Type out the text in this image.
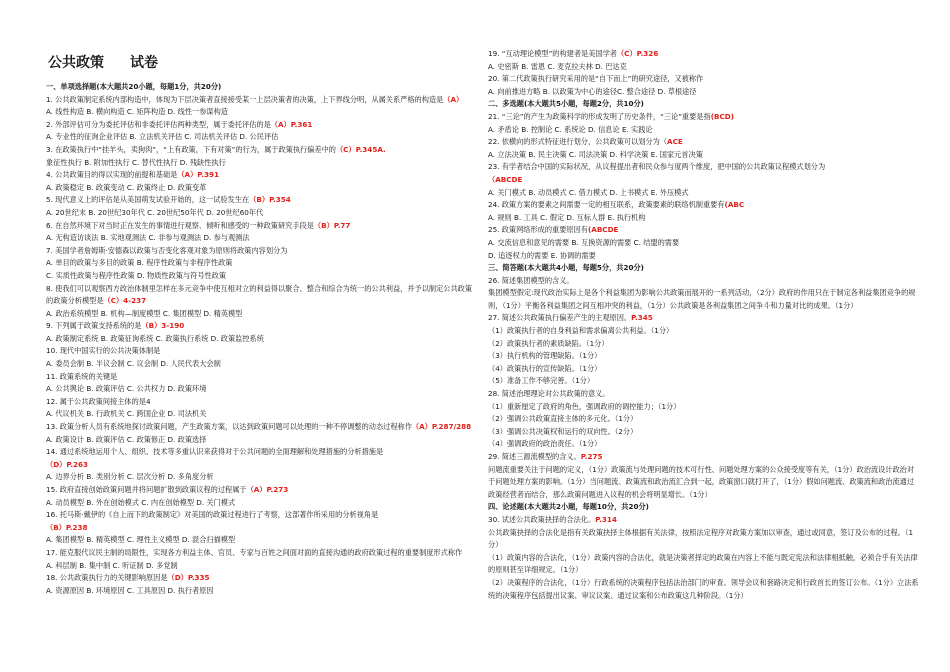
公共政策 试卷
一、单项选择题(本大题共20小题，每题1分，共20分)
1. 公共政策制定系统内部构造中，体现为下层决策者直接接受某一上层决策者的决策，上下界线分明，从属关系严格的构造是（A）
A. 线性构造 B. 横向构造 C. 矩阵构造 D. 线性一参谋构造
2. 外部评估可分为委托评估和非委托评估两种类型，属于委托评估的是（A）P.361
A. 专业性的征询企业评估 B. 立法机关评估 C. 司法机关评估 D. 公民评估
3. 在政策执行中“挂羊头，卖狗肉”，“上有政策，下有对策”的行为，属于政策执行偏差中的（C）P.345A.
象征性执行 B. 附加性执行 C. 替代性执行 D. 残缺性执行
4. 公共政策目的得以实现的前提和基础是（A）P.391
A. 政策稳定 B. 政策变动 C. 政策终止 D. 政策变革
5. 现代意义上的评估是从美国萌发试验开始的，这一试验发生在（B）P.354
A. 20世纪末 B. 20世纪30年代 C. 20世纪50年代 D. 20世纪60年代
6. 在自然环境下对当时正在发生的事情进行观察、倾听和感受的一种政策研究手段是（B）P.77
A. 无构造访谈法 B. 实地观测法 C. 非参与观测法 D. 参与观测法
7. 美国学者詹姆斯·安德森以政策与否变化客观对象为原则将政策内容划分为
A. 单目的政策与多目的政策 B. 程序性政策与非程序性政策
C. 实质性政策与程序性政策 D. 物质性政策与符号性政策
8. 使我们可以观察西方政治体制里怎样在多元竞争中使互相对立的利益得以聚合、整合和综合为统一的公共利益，并予以制定公共政策的政策分析模型是（C）4-237
A. 政治系统模型 B. 机构—制度模型 C. 集团模型 D. 精英模型
9. 下列属于政策支持系统的是（B）3-190
A. 政策制定系统 B. 政策征询系统 C. 政策执行系统 D. 政策监控系统
10. 现代中国实行的公共决策体制是
A. 委员会制 B. 半议会制 C. 议会制 D. 人民代表大会制
11. 政策系统的关键是
A. 公共舆论 B. 政策评估 C. 公共权力 D. 政策环境
12. 属于公共政策间接主体的是4
A. 代议机关 B. 行政机关 C. 跨国企业 D. 司法机关
13. 政策分析人员有系统地探讨政策问题，产生政策方案，以达到政策问题可以处理的一种不停调整的动态过程称作（A）P.287/288
A. 政策设计 B. 政策评估 C. 政策修正 D. 政策选择
14. 通过系统地运用个人、组织、技术等多重认识来获得对于公共问题的全面理解和处理措施的分析措施是
（D）P.263
A. 边界分析 B. 类别分析 C. 层次分析 D. 多角度分析
15. 政府直接创始政策问题并将问题扩散到政策议程的过程属于（A）P.273
A. 动员模型 B. 外在创始模式 C. 内在创始模型 D. 关门模式
16. 托马斯·戴伊的《自上而下的政策制定》对美国的政策过程进行了考察，这部著作所采用的分析视角是
（B）P.238
A. 集团模型 B. 精英模型 C. 理性主义模型 D. 混合扫描模型
17. 能克服代议民主制的局限性，实现各方利益主体、官员、专家与百姓之间面对面的直接沟通的政府政策过程的重要制度形式称作
A. 科层制 B. 集中制 C. 听证制 D. 多党制
18. 公共政策执行力的关键影响原因是（D）P.335
A. 资源原因 B. 环境原因 C. 工具原因 D. 执行者原因
19. “互动理论模型”的构建者是美国学者（C）P.326
A. 史密斯 B. 雷恩 C. 麦克拉夫林 D. 巴达克
20. 第二代政策执行研究采用的是“自下而上”的研究途径，又被称作
A. 向前推进方略 B. 以政策为中心的途径C. 整合途径 D. 草根途径
二、多选题(本大题共5小题，每题2分，共10分)
21. “三论”的产生为政策科学的形成发明了历史条件，“三论”重要是指(BCD)
A. 矛盾论 B. 控制论 C. 系统论 D. 信息论 E. 实践论
22. 依横向的形式特征进行划分，公共政策可以划分为（ACE
A. 立法决策 B. 民主决策 C. 司法决策 D. 科学决策 E. 国家元首决策
23. 有学者结合中国的实际状况，从议程提出者和民众参与度两个维度，把中国的公共政策议程模式划分为
（ABCDE
A. 关门模式 B. 动员模式 C. 借力模式 D. 上书模式 E. 外压模式
24. 政策方案的要素之间需要一定的相互联系，政策要素的联络机制重要有(ABC
A. 规则 B. 工具 C. 假定 D. 互标人群 E. 执行机构
25. 政策网络形成的重要原因有(ABCDE
A. 交流信息和意见的需要 B. 互换资源的需要 C. 结盟的需要
D. 追逐权力的需要 E. 协调的需要
三、简答题(本大题共4小题，每题5分，共20分)
26. 简述集团模型的含义。
集团模型假定:现代政治实际上是各个利益集团为影响公共政策而展开的一系列活动，（2分）政府的作用只在于制定各利益集团竞争的规则，（1分）平衡各利益集团之间互相冲突的利益，（1分）公共政策是各利益集团之间争斗和力量对比的成果。（1分）
27. 简述公共政策执行偏差产生的主观原因。P.345
（1）政策执行者的自身利益和需求偏离公共利益。（1分）
（2）政策执行者的素质缺陷。（1分）
（3）执行机构的管理缺陷。（1分）
（4）政策执行的宣传缺陷。（1分）
（5）准备工作不够完善。（1分）
28. 简述治理理论对公共政策的意义。
（1）重新厘定了政府的角色，强调政府的调控能力；（1分）
（2）强调公共政策直接主体的多元化。（1分）
（3）强调公共决策权和运行的双向性。（2分）
（4）强调政府的政治责任。（1分）
29. 简述三源流模型的含义。P.275
问题流重要关注于问题的定义，（1分）政策流与处理问题的技术可行性、问题处理方案的公众接受度等有关，（1分）政治流设计政治对于问题处理方案的影响。（1分）当问题流、政策流和政治流汇合到一起，政策窗口就打开了，（1分）假如问题流、政策流和政治流通过政策经营者而结合，那么政策问题进入议程的机会将明显增长。（1分）
四、论述题(本大题共2小题，每题10分，共20分)
30. 试述公共政策抉择的合法化。P.314
公共政策抉择的合法化是指有关政策抉择主体根据有关法律，按照法定程序对政策方案加以审查，通过或同意，签订及公布的过程。（1分）
（1）政策内容的合法化，（1分）政策内容的合法化，就是决策者择定的政策在内容上不能与既定宪法和法律相抵触，必须合乎有关法律的原则甚至详细规定。（1分）
（2）决策程序的合法化，（1分）行政系统的决策程序包括法治部门的审查、领导会议和套路决定和行政首长的签订公布。（1分）立法系统的决策程序包括提出议案、审议议案、通过议案和公布政策这几种阶段。（1分）
